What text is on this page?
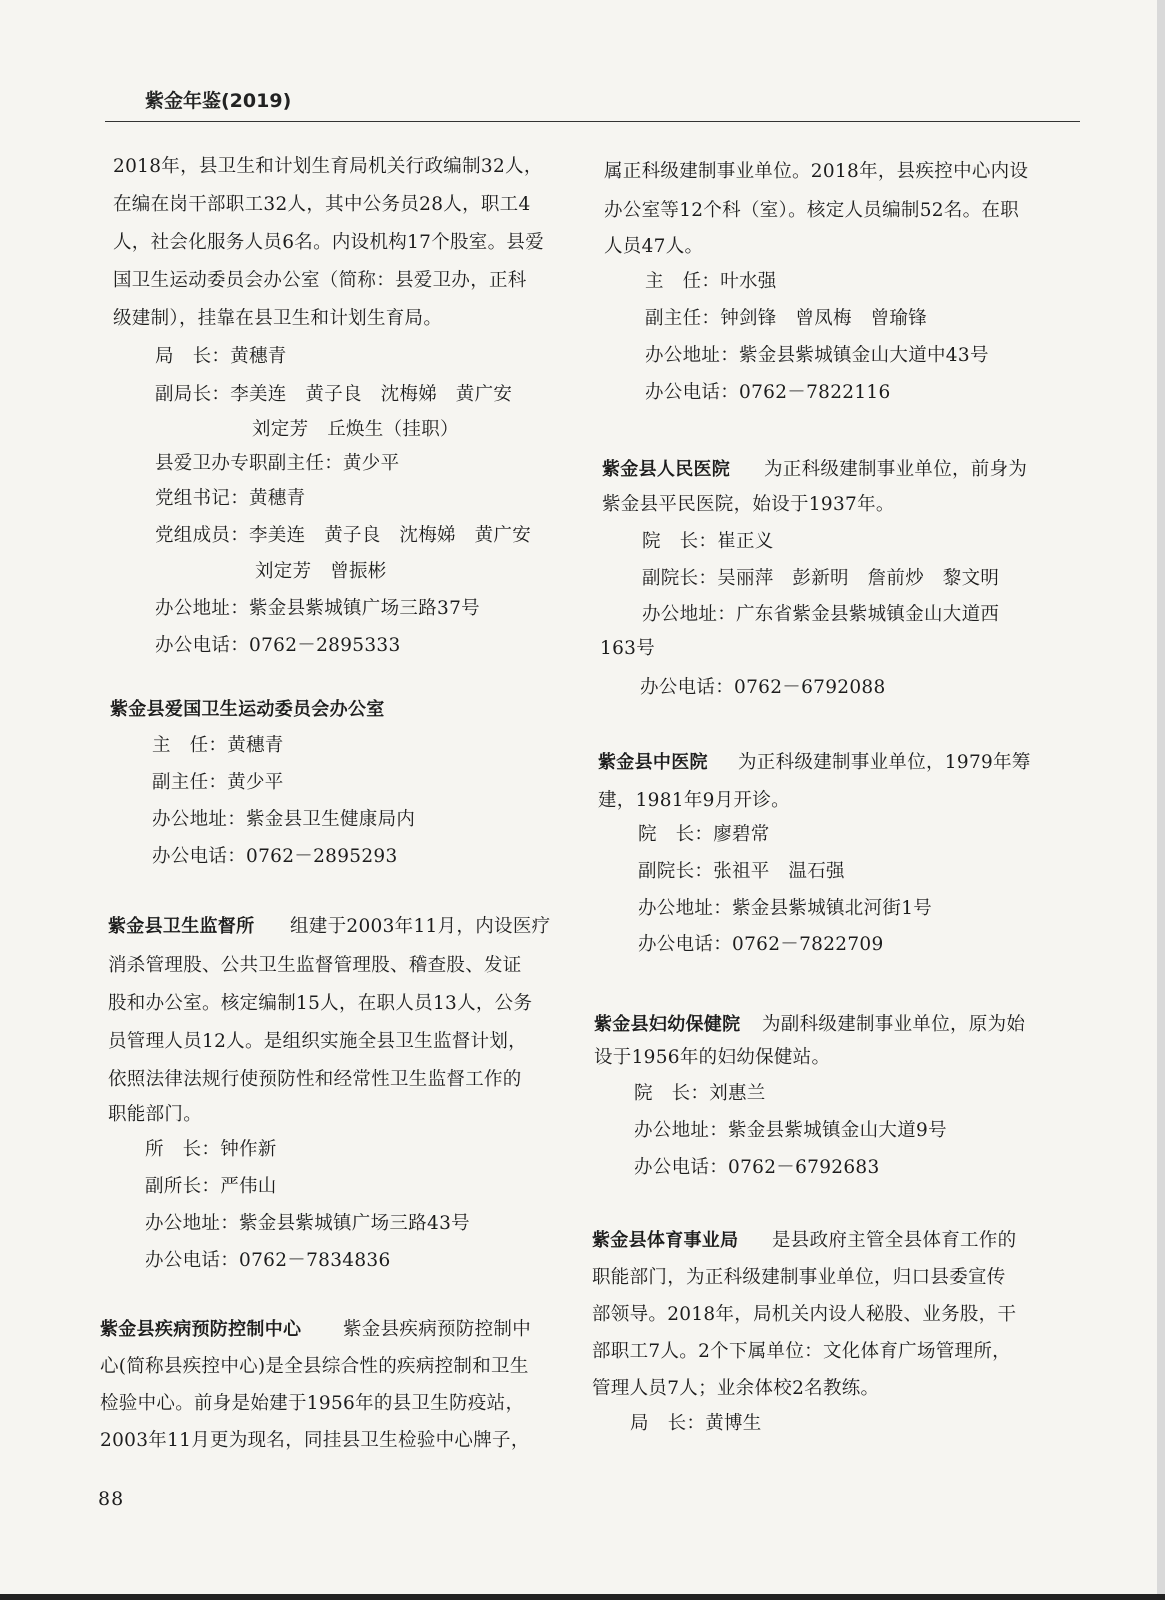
紫金年鉴(2019)
2018年，县卫生和计划生育局机关行政编制32人，
在编在岗干部职工32人，其中公务员28人，职工4
人，社会化服务人员6名。内设机构17个股室。县爱
国卫生运动委员会办公室（简称：县爱卫办，正科
级建制），挂靠在县卫生和计划生育局。
局　长：黄穗青
副局长：李美连　黄子良　沈梅娣　黄广安
刘定芳　丘焕生（挂职）
县爱卫办专职副主任：黄少平
党组书记：黄穗青
党组成员：李美连　黄子良　沈梅娣　黄广安
刘定芳　曾振彬
办公地址：紫金县紫城镇广场三路37号
办公电话：0762－2895333
紫金县爱国卫生运动委员会办公室
主　任：黄穗青
副主任：黄少平
办公地址：紫金县卫生健康局内
办公电话：0762－2895293
紫金县卫生监督所 组建于2003年11月，内设医疗
消杀管理股、公共卫生监督管理股、稽查股、发证
股和办公室。核定编制15人，在职人员13人，公务
员管理人员12人。是组织实施全县卫生监督计划，
依照法律法规行使预防性和经常性卫生监督工作的
职能部门。
所　长：钟作新
副所长：严伟山
办公地址：紫金县紫城镇广场三路43号
办公电话：0762－7834836
紫金县疾病预防控制中心 紫金县疾病预防控制中
心(简称县疾控中心)是全县综合性的疾病控制和卫生
检验中心。前身是始建于1956年的县卫生防疫站，
2003年11月更为现名，同挂县卫生检验中心牌子，
属正科级建制事业单位。2018年，县疾控中心内设
办公室等12个科（室）。核定人员编制52名。在职
人员47人。
主　任：叶水强
副主任：钟剑锋　曾凤梅　曾瑜锋
办公地址：紫金县紫城镇金山大道中43号
办公电话：0762－7822116
紫金县人民医院 为正科级建制事业单位，前身为
紫金县平民医院，始设于1937年。
院　长：崔正义
副院长：吴丽萍　彭新明　詹前炒　黎文明
办公地址：广东省紫金县紫城镇金山大道西
163号
办公电话：0762－6792088
紫金县中医院 为正科级建制事业单位，1979年筹
建，1981年9月开诊。
院　长：廖碧常
副院长：张祖平　温石强
办公地址：紫金县紫城镇北河街1号
办公电话：0762－7822709
紫金县妇幼保健院 为副科级建制事业单位，原为始
设于1956年的妇幼保健站。
院　长：刘惠兰
办公地址：紫金县紫城镇金山大道9号
办公电话：0762－6792683
紫金县体育事业局 是县政府主管全县体育工作的
职能部门，为正科级建制事业单位，归口县委宣传
部领导。2018年，局机关内设人秘股、业务股，干
部职工7人。2个下属单位：文化体育广场管理所，
管理人员7人；业余体校2名教练。
局　长：黄博生
88
